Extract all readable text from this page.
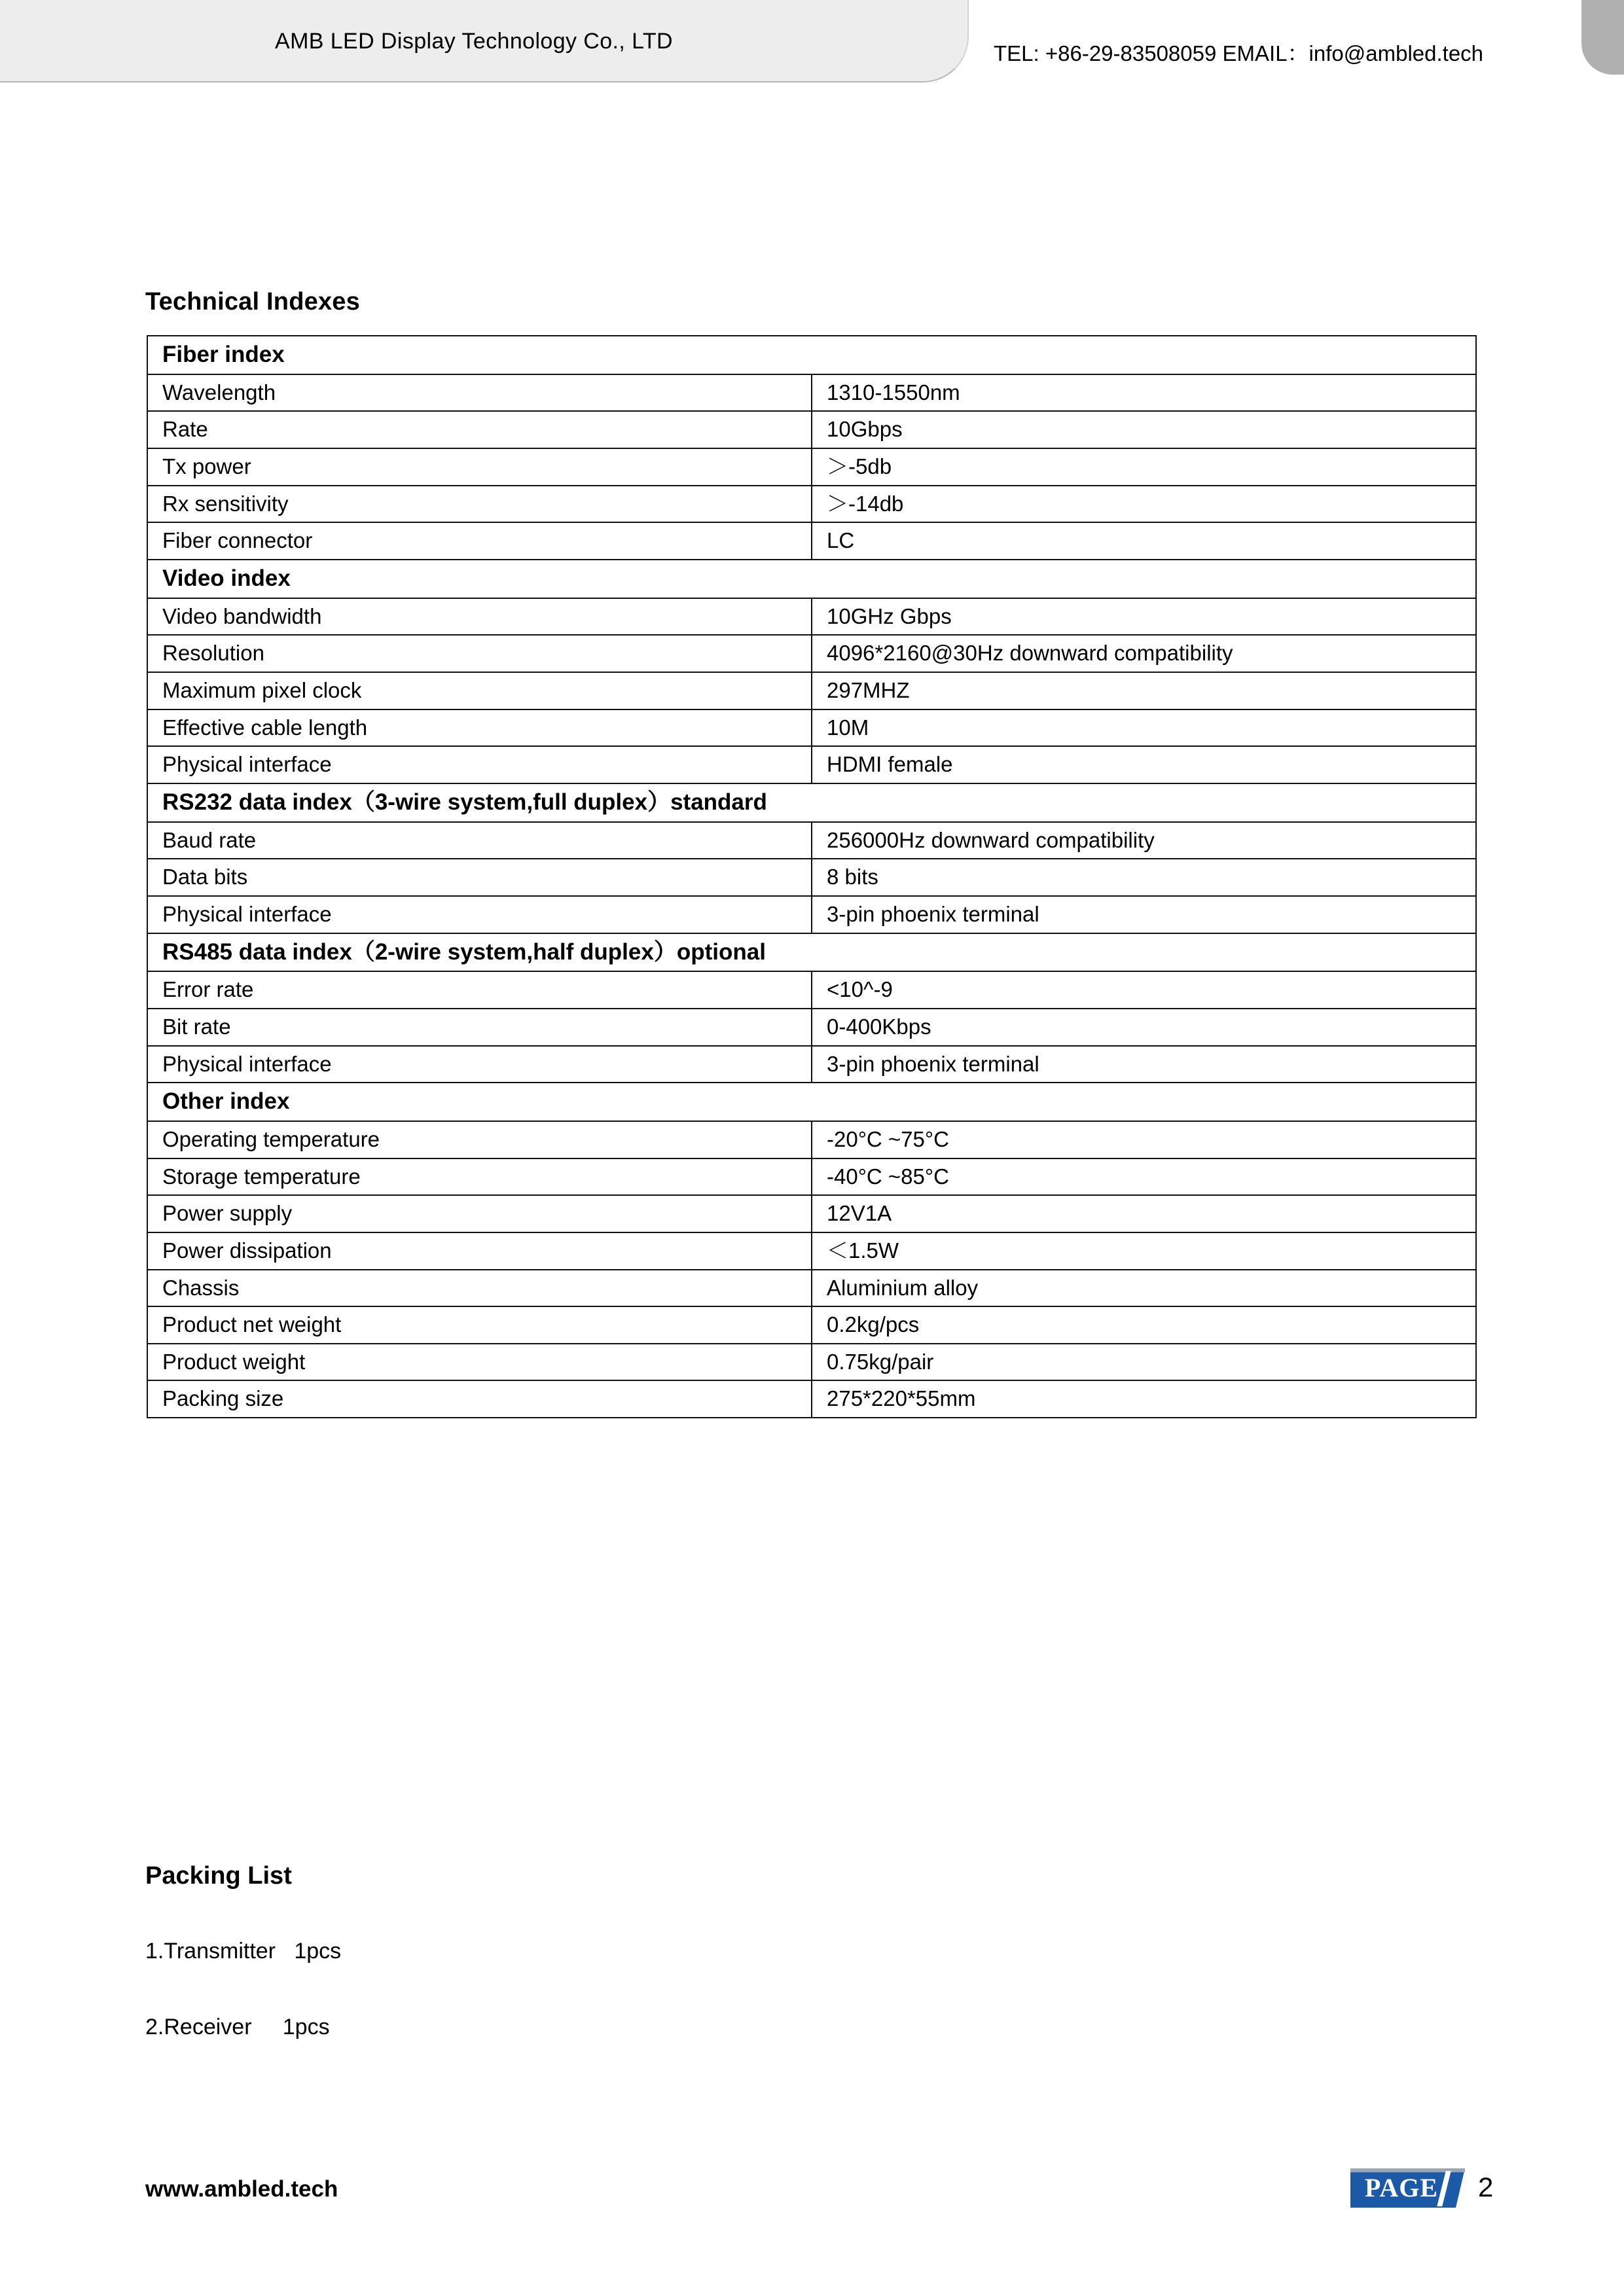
AMB LED Display Technology Co., LTD	TEL: +86-29-83508059 EMAIL：info@ambled.tech
Technical Indexes
Fiber index	
Wavelength	1310-1550nm
Rate	10Gbps
Tx power	＞-5db
Rx sensitivity	＞-14db
Fiber connector	LC
Video index	
Video bandwidth	10GHz Gbps
Resolution	4096*2160@30Hz downward compatibility
Maximum pixel clock	297MHZ
Effective cable length	10M
Physical interface	HDMI female
RS232 data index（3-wire system,full duplex）standard	
Baud rate	256000Hz downward compatibility
Data bits	8 bits
Physical interface	3-pin phoenix terminal
RS485 data index（2-wire system,half duplex）optional	
Error rate	<10^-9
Bit rate	0-400Kbps
Physical interface	3-pin phoenix terminal
Other index	
Operating temperature	-20°C ~75°C
Storage temperature	-40°C ~85°C
Power supply	12V1A
Power dissipation	＜1.5W
Chassis	Aluminium alloy
Product net weight	0.2kg/pcs
Product weight	0.75kg/pair
Packing size	275*220*55mm
Packing List
1.Transmitter   1pcs
2.Receiver     1pcs
www.ambled.tech	PAGE	2
